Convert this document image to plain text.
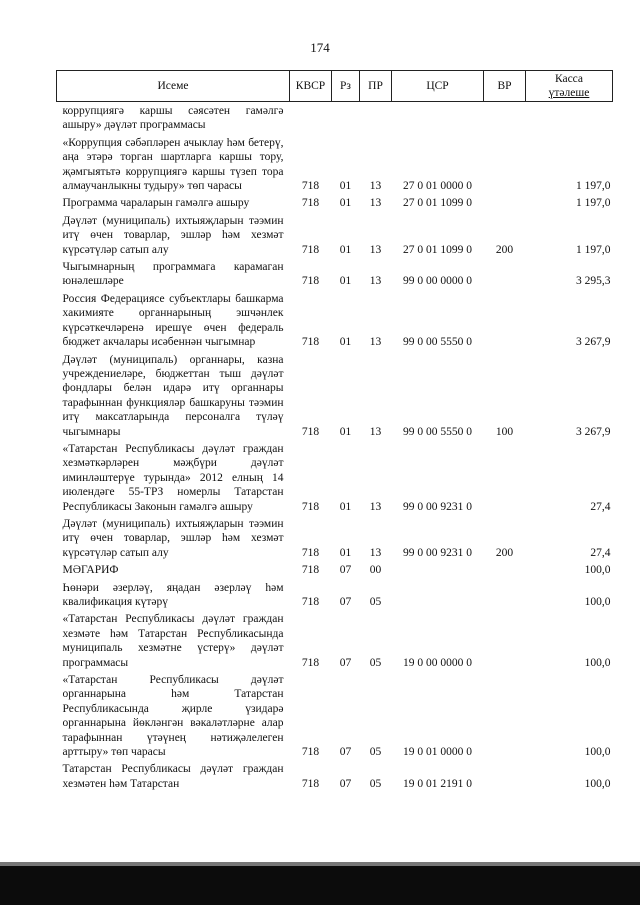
174
Исеме	КВСР	Рз	ПР	ЦСР	ВР	Касса
үтәлеше

коррупциягә каршы сәясәтен гамәлгә ашыру» дәүләт программасы						
«Коррупция сәбәпләрен ачыклау һәм бетерү, аңа этәрә торган шартларга каршы тору, җәмгыятьтә коррупциягә каршы түзеп тора алмаучанлыкны тудыру» төп чарасы	718	01	13	27 0 01 0000 0		1 197,0
Программа чараларын гамәлгә ашыру	718	01	13	27 0 01 1099 0		1 197,0
Дәүләт (муниципаль) ихтыяҗларын тәэмин итү өчен товарлар, эшләр һәм хезмәт күрсәтүләр сатып алу	718	01	13	27 0 01 1099 0	200	1 197,0
Чыгымнарның программага карамаган юнәлешләре	718	01	13	99 0 00 0000 0		3 295,3
Россия Федерациясе субъектлары башкарма хакимияте органнарының эшчәнлек күрсәткечләренә ирешүе өчен федераль бюджет акчалары исәбеннән чыгымнар	718	01	13	99 0 00 5550 0		3 267,9
Дәүләт (муниципаль) органнары, казна учреждениеләре, бюджеттан тыш дәүләт фондлары белән идарә итү органнары тарафыннан функцияләр башкаруны тәэмин итү максатларында персоналга түләү чыгымнары	718	01	13	99 0 00 5550 0	100	3 267,9
«Татарстан Республикасы дәүләт граждан хезмәткәрләрен мәҗбүри дәүләт иминләштерүе турында» 2012 елның 14 июлендәге 55-ТРЗ номерлы Татарстан Республикасы Законын гамәлгә ашыру	718	01	13	99 0 00 9231 0		27,4
Дәүләт (муниципаль) ихтыяҗларын тәэмин итү өчен товарлар, эшләр һәм хезмәт күрсәтүләр сатып алу	718	01	13	99 0 00 9231 0	200	27,4
МӘГАРИФ	718	07	00			100,0
Һөнәри әзерләү, яңадан әзерләү һәм квалификация күтәрү	718	07	05			100,0
«Татарстан Республикасы дәүләт граждан хезмәте һәм Татарстан Республикасында муниципаль хезмәтне үстерү» дәүләт программасы	718	07	05	19 0 00 0000 0		100,0
«Татарстан Республикасы дәүләт органнарына һәм Татарстан Республикасында җирле үзидарә органнарына йөкләнгән вәкаләтләрне алар тарафыннан үтәүнең нәтиҗәлелеген арттыру» төп чарасы	718	07	05	19 0 01 0000 0		100,0
Татарстан Республикасы дәүләт граждан хезмәтен һәм Татарстан	718	07	05	19 0 01 2191 0		100,0
